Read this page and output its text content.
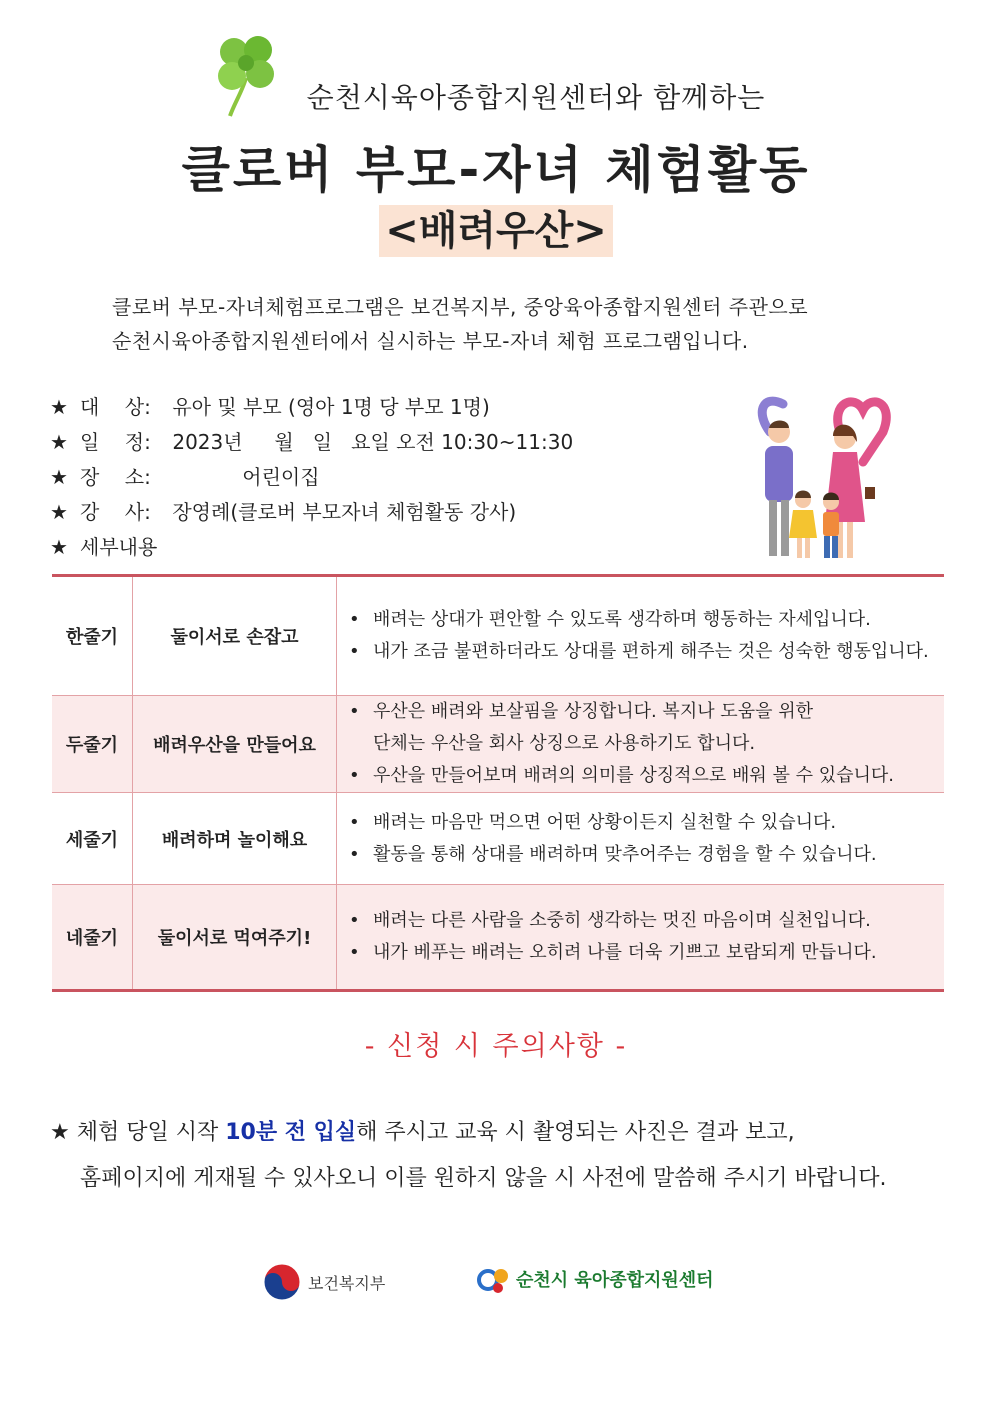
순천시육아종합지원센터와 함께하는
클로버 부모-자녀 체험활동
<배려우산>
클로버 부모-자녀체험프로그램은 보건복지부, 중앙육아종합지원센터 주관으로
순천시육아종합지원센터에서 실시하는 부모-자녀 체험 프로그램입니다.
★ 대    상: 유아 및 부모 (영아 1명 당 부모 1명)
★ 일    정: 2023년     월   일   요일 오전 10:30~11:30
★ 장    소: 어린이집
★ 강    사: 장영례(클로버 부모자녀 체험활동 강사)
★ 세부내용
한줄기	둘이서로 손잡고	• 배려는 상대가 편안할 수 있도록 생각하며 행동하는 자세입니다.
• 내가 조금 불편하더라도 상대를 편하게 해주는 것은 성숙한 행동입니다.

두줄기	배려우산을 만들어요	• 우산은 배려와 보살핌을 상징합니다. 복지나 도움을 위한
단체는 우산을 회사 상징으로 사용하기도 합니다.
• 우산을 만들어보며 배려의 의미를 상징적으로 배워 볼 수 있습니다.

세줄기	배려하며 놀이해요	• 배려는 마음만 먹으면 어떤 상황이든지 실천할 수 있습니다.
• 활동을 통해 상대를 배려하며 맞추어주는 경험을 할 수 있습니다.

네줄기	둘이서로 먹여주기!	• 배려는 다른 사람을 소중히 생각하는 멋진 마음이며 실천입니다.
• 내가 베푸는 배려는 오히려 나를 더욱 기쁘고 보람되게 만듭니다.
- 신청 시 주의사항 -
★ 체험 당일 시작 10분 전 입실해 주시고 교육 시 촬영되는 사진은 결과 보고,
홈페이지에 게재될 수 있사오니 이를 원하지 않을 시 사전에 말씀해 주시기 바랍니다.
보건복지부	순천시 육아종합지원센터
